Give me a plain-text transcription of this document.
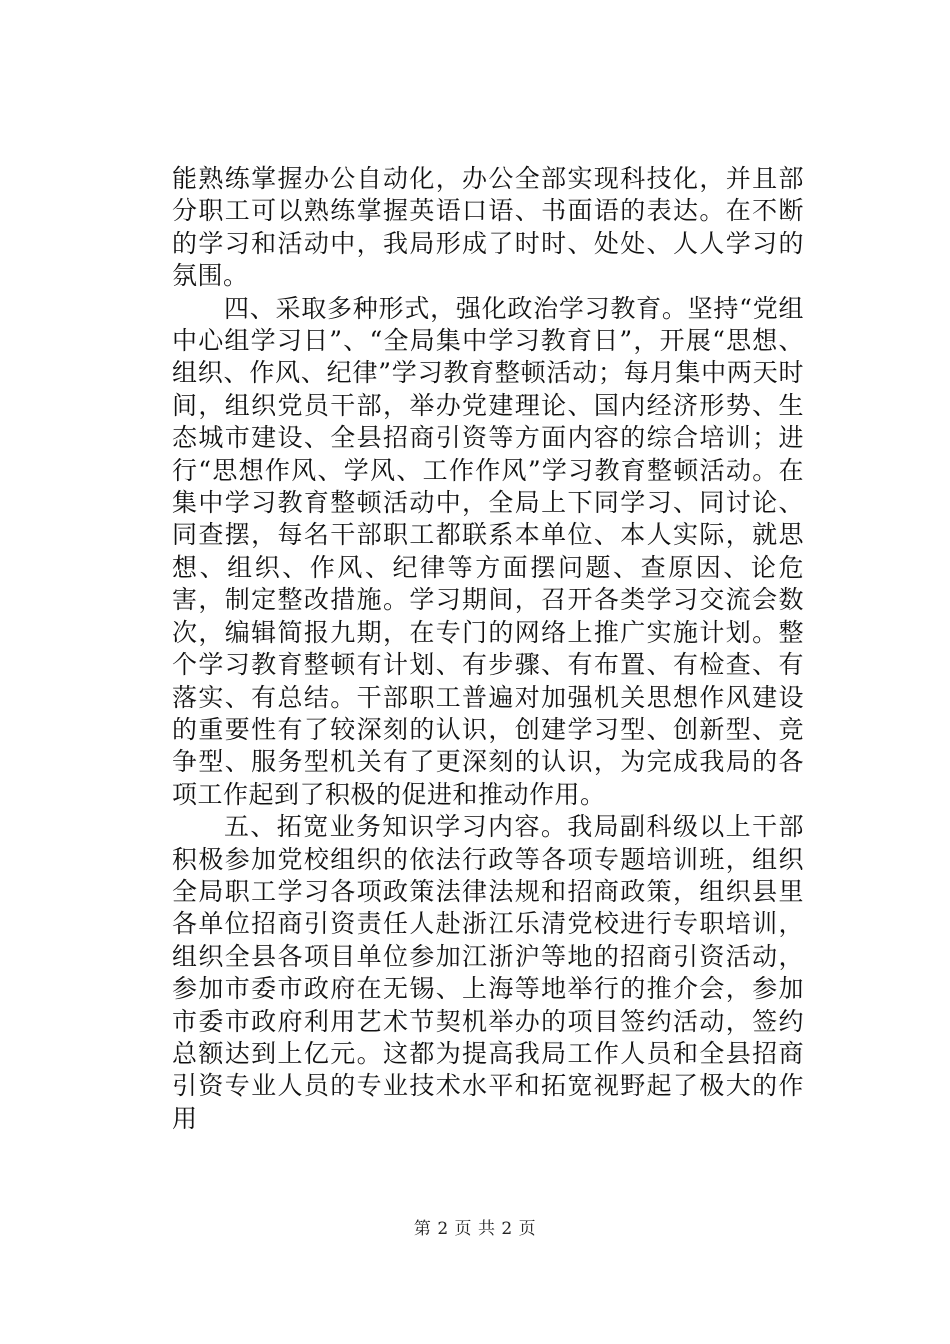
能熟练掌握办公自动化，办公全部实现科技化，并且部分职工可以熟练掌握英语口语、书面语的表达。在不断的学习和活动中，我局形成了时时、处处、人人学习的氛围。

四、采取多种形式，强化政治学习教育。坚持“党组中心组学习日”、“全局集中学习教育日”，开展“思想、组织、作风、纪律”学习教育整顿活动；每月集中两天时间，组织党员干部，举办党建理论、国内经济形势、生态城市建设、全县招商引资等方面内容的综合培训；进行“思想作风、学风、工作作风”学习教育整顿活动。在集中学习教育整顿活动中，全局上下同学习、同讨论、同查摆，每名干部职工都联系本单位、本人实际，就思想、组织、作风、纪律等方面摆问题、查原因、论危害，制定整改措施。学习期间，召开各类学习交流会数次，编辑简报九期，在专门的网络上推广实施计划。整个学习教育整顿有计划、有步骤、有布置、有检查、有落实、有总结。干部职工普遍对加强机关思想作风建设的重要性有了较深刻的认识，创建学习型、创新型、竞争型、服务型机关有了更深刻的认识，为完成我局的各项工作起到了积极的促进和推动作用。

五、拓宽业务知识学习内容。我局副科级以上干部积极参加党校组织的依法行政等各项专题培训班，组织全局职工学习各项政策法律法规和招商政策，组织县里各单位招商引资责任人赴浙江乐清党校进行专职培训，组织全县各项目单位参加江浙沪等地的招商引资活动，参加市委市政府在无锡、上海等地举行的推介会，参加市委市政府利用艺术节契机举办的项目签约活动，签约总额达到上亿元。这都为提高我局工作人员和全县招商引资专业人员的专业技术水平和拓宽视野起了极大的作用

第 2 页 共 2 页
